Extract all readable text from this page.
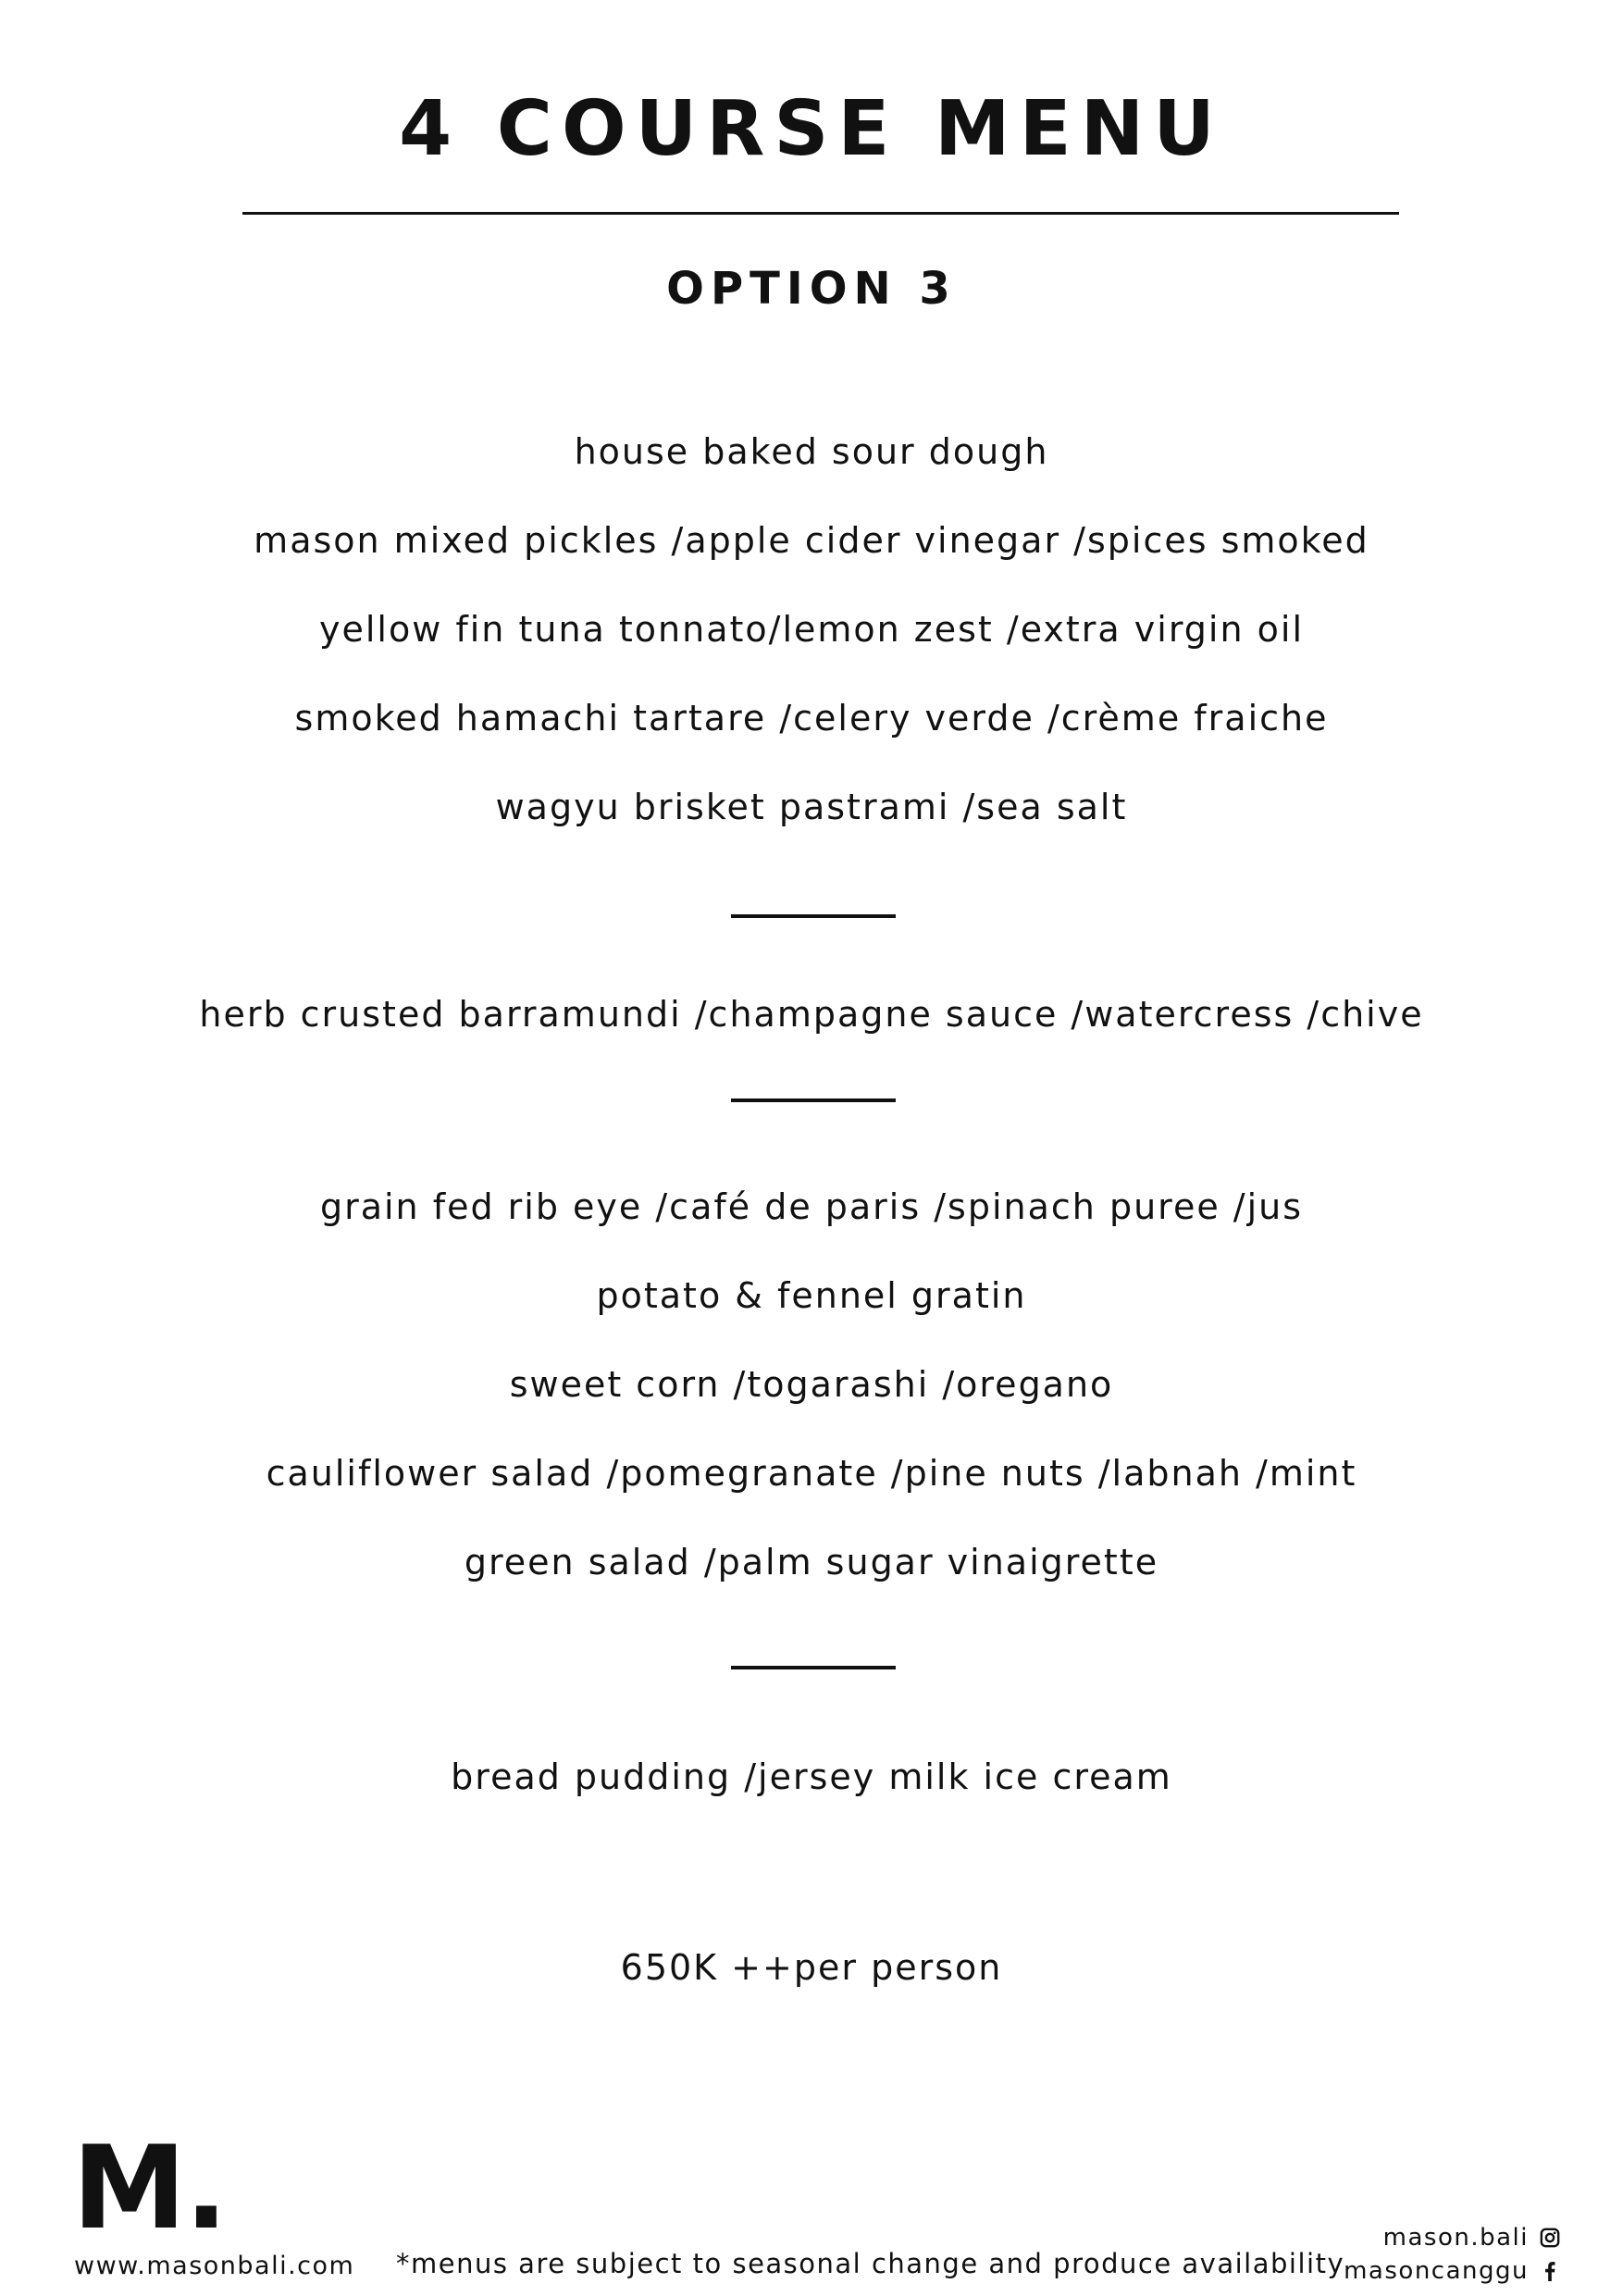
4 COURSE MENU
OPTION 3

house baked sour dough

mason mixed pickles /apple cider vinegar /spices smoked

yellow fin tuna tonnato/lemon zest /extra virgin oil

smoked hamachi tartare /celery verde /crème fraiche

wagyu brisket pastrami /sea salt

herb crusted barramundi /champagne sauce /watercress /chive

grain fed rib eye /café de paris /spinach puree /jus

potato & fennel gratin

sweet corn /togarashi /oregano

cauliflower salad /pomegranate /pine nuts /labnah /mint

green salad /palm sugar vinaigrette

bread pudding /jersey milk ice cream

650K ++per person

M.
www.masonbali.com *menus are subject to seasonal change and produce availability
mason.bali
masoncanggu
